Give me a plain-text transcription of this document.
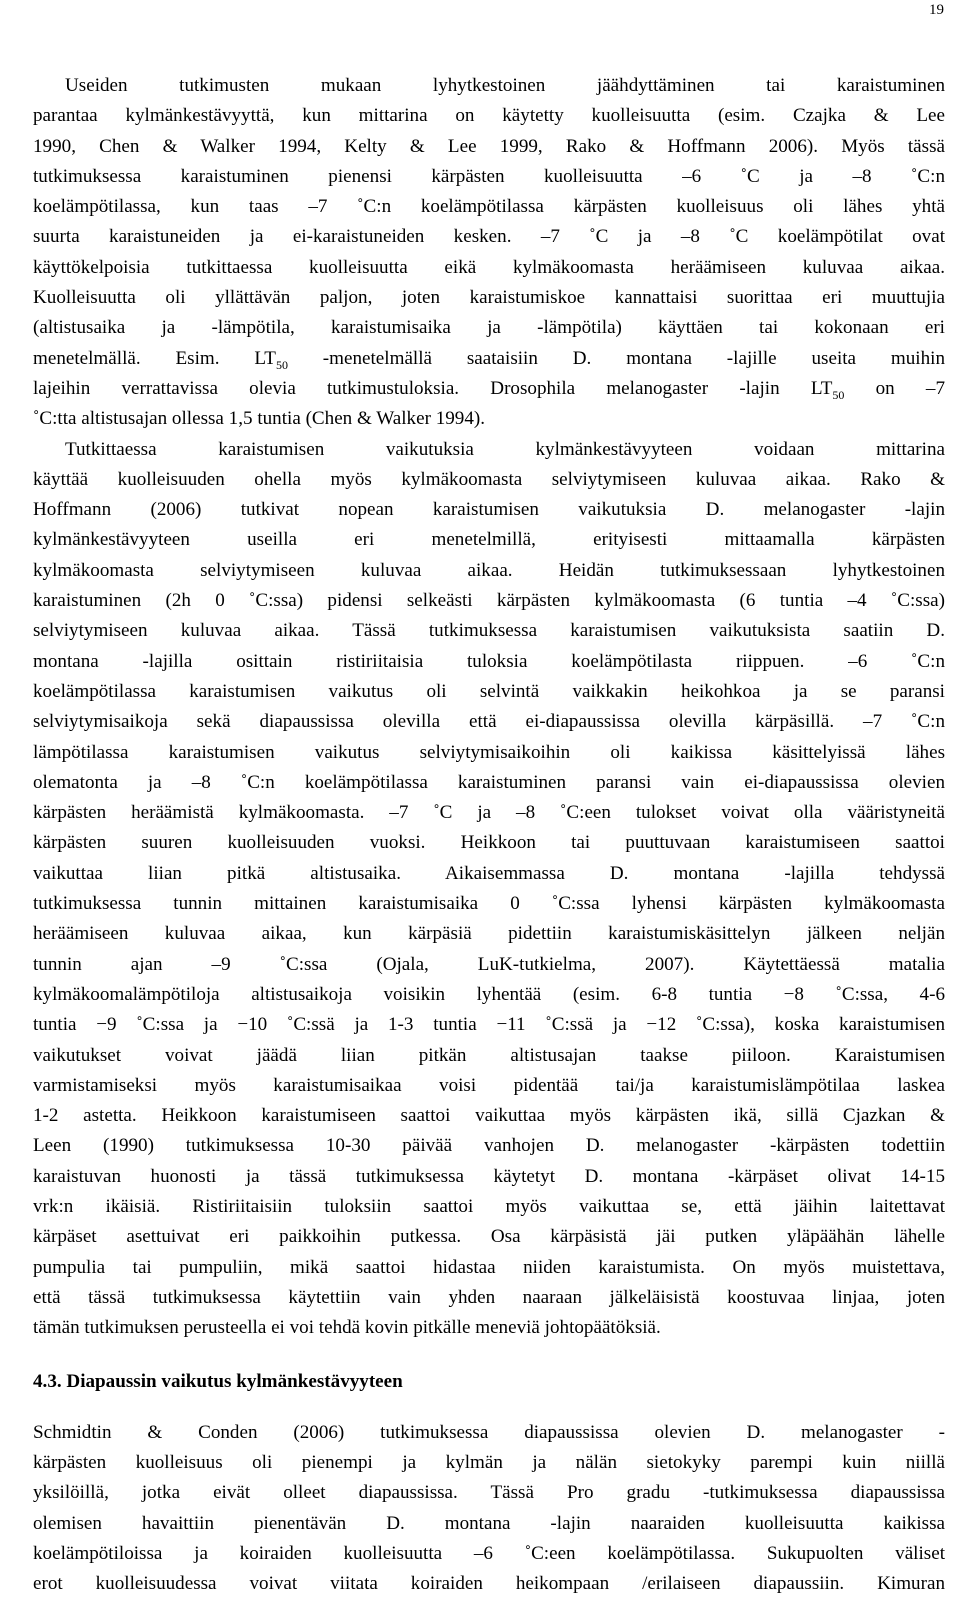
19
Useiden tutkimusten mukaan lyhytkestoinen jäähdyttäminen tai karaistuminen
parantaa kylmänkestävyyttä, kun mittarina on käytetty kuolleisuutta (esim. Czajka & Lee
1990, Chen & Walker 1994, Kelty & Lee 1999, Rako & Hoffmann 2006). Myös tässä
tutkimuksessa karaistuminen pienensi kärpästen kuolleisuutta –6 ˚C ja –8 ˚C:n
koelämpötilassa, kun taas –7 ˚C:n koelämpötilassa kärpästen kuolleisuus oli lähes yhtä
suurta karaistuneiden ja ei-karaistuneiden kesken. –7 ˚C ja –8 ˚C koelämpötilat ovat
käyttökelpoisia tutkittaessa kuolleisuutta eikä kylmäkoomasta heräämiseen kuluvaa aikaa.
Kuolleisuutta oli yllättävän paljon, joten karaistumiskoe kannattaisi suorittaa eri muuttujia
(altistusaika ja -lämpötila, karaistumisaika ja -lämpötila) käyttäen tai kokonaan eri
menetelmällä. Esim. $LT_{50}$ -menetelmällä saataisiin D. montana -lajille useita muihin
lajeihin verrattavissa olevia tutkimustuloksia. Drosophila melanogaster -lajin $LT_{50}$ on –7
˚C:tta altistusajan ollessa 1,5 tuntia (Chen & Walker 1994).
Tutkittaessa karaistumisen vaikutuksia kylmänkestävyyteen voidaan mittarina
käyttää kuolleisuuden ohella myös kylmäkoomasta selviytymiseen kuluvaa aikaa. Rako &
Hoffmann (2006) tutkivat nopean karaistumisen vaikutuksia D. melanogaster -lajin
kylmänkestävyyteen useilla eri menetelmillä, erityisesti mittaamalla kärpästen
kylmäkoomasta selviytymiseen kuluvaa aikaa. Heidän tutkimuksessaan lyhytkestoinen
karaistuminen (2h 0 ˚C:ssa) pidensi selkeästi kärpästen kylmäkoomasta (6 tuntia –4 ˚C:ssa)
selviytymiseen kuluvaa aikaa. Tässä tutkimuksessa karaistumisen vaikutuksista saatiin D.
montana -lajilla osittain ristiriitaisia tuloksia koelämpötilasta riippuen. –6 ˚C:n
koelämpötilassa karaistumisen vaikutus oli selvintä vaikkakin heikohkoa ja se paransi
selviytymisaikoja sekä diapaussissa olevilla että ei-diapaussissa olevilla kärpäsillä. –7 ˚C:n
lämpötilassa karaistumisen vaikutus selviytymisaikoihin oli kaikissa käsittelyissä lähes
olematonta ja –8 ˚C:n koelämpötilassa karaistuminen paransi vain ei-diapaussissa olevien
kärpästen heräämistä kylmäkoomasta. –7 ˚C ja –8 ˚C:een tulokset voivat olla vääristyneitä
kärpästen suuren kuolleisuuden vuoksi. Heikkoon tai puuttuvaan karaistumiseen saattoi
vaikuttaa liian pitkä altistusaika. Aikaisemmassa D. montana -lajilla tehdyssä
tutkimuksessa tunnin mittainen karaistumisaika 0 ˚C:ssa lyhensi kärpästen kylmäkoomasta
heräämiseen kuluvaa aikaa, kun kärpäsiä pidettiin karaistumiskäsittelyn jälkeen neljän
tunnin ajan –9 ˚C:ssa (Ojala, LuK-tutkielma, 2007). Käytettäessä matalia
kylmäkoomalämpötiloja altistusaikoja voisikin lyhentää (esim. 6-8 tuntia −8 ˚C:ssa, 4-6
tuntia −9 ˚C:ssa ja −10 ˚C:ssä ja 1-3 tuntia −11 ˚C:ssä ja −12 ˚C:ssa), koska karaistumisen
vaikutukset voivat jäädä liian pitkän altistusajan taakse piiloon. Karaistumisen
varmistamiseksi myös karaistumisaikaa voisi pidentää tai/ja karaistumislämpötilaa laskea
1-2 astetta. Heikkoon karaistumiseen saattoi vaikuttaa myös kärpästen ikä, sillä Cjazkan &
Leen (1990) tutkimuksessa 10-30 päivää vanhojen D. melanogaster -kärpästen todettiin
karaistuvan huonosti ja tässä tutkimuksessa käytetyt D. montana -kärpäset olivat 14-15
vrk:n ikäisiä. Ristiriitaisiin tuloksiin saattoi myös vaikuttaa se, että jäihin laitettavat
kärpäset asettuivat eri paikkoihin putkessa. Osa kärpäsistä jäi putken yläpäähän lähelle
pumpulia tai pumpuliin, mikä saattoi hidastaa niiden karaistumista. On myös muistettava,
että tässä tutkimuksessa käytettiin vain yhden naaraan jälkeläisistä koostuvaa linjaa, joten
tämän tutkimuksen perusteella ei voi tehdä kovin pitkälle meneviä johtopäätöksiä.
4.3. Diapaussin vaikutus kylmänkestävyyteen
Schmidtin & Conden (2006) tutkimuksessa diapaussissa olevien D. melanogaster -
kärpästen kuolleisuus oli pienempi ja kylmän ja nälän sietokyky parempi kuin niillä
yksilöillä, jotka eivät olleet diapaussissa. Tässä Pro gradu -tutkimuksessa diapaussissa
olemisen havaittiin pienentävän D. montana -lajin naaraiden kuolleisuutta kaikissa
koelämpötiloissa ja koiraiden kuolleisuutta –6 ˚C:een koelämpötilassa. Sukupuolten väliset
erot kuolleisuudessa voivat viitata koiraiden heikompaan /erilaiseen diapaussiin. Kimuran
